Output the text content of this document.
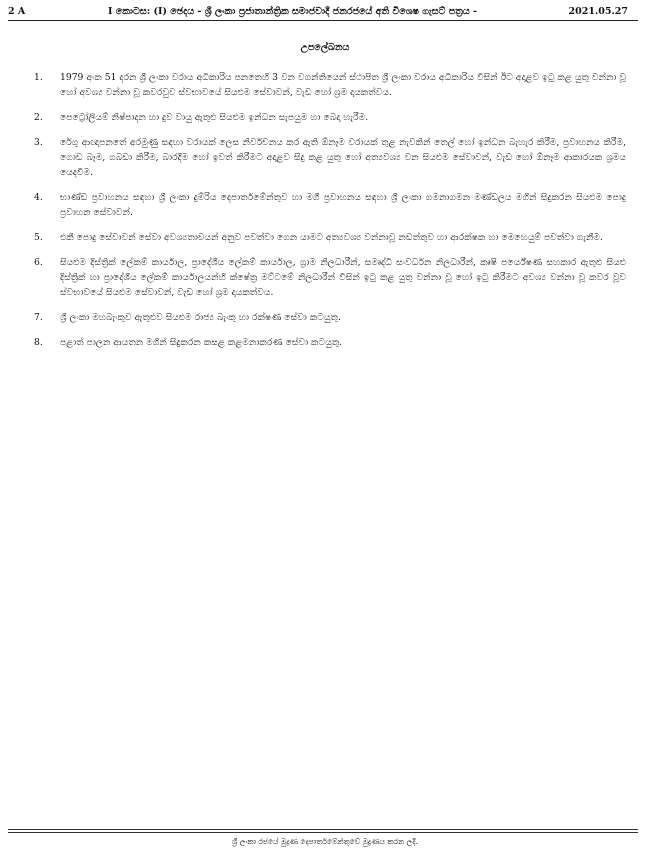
2 A	I කොටස: (I) ඡෙදය - ශ්‍රී ලංකා ප්‍රජාතාන්ත්‍රික සමාජවාදී ජනරජයේ අති විශෙෂ ගැසට් පත්‍රය -	2021.05.27
උපලේඛනය
1. 1979 අංක 51 දරන ශ්‍රී ලංකා වරාය අධිකාරිය පනතෙහි 3 වන වගන්තියෙන් ස්ථාපිත ශ්‍රී ලංකා වරාය අධිකාරිය විසින් ඊට අදාළව ඉටු කළ යුතු වන්නා වූ හෝ අවශ්‍ය වන්නා වූ කවරවුව ස්වභාවයේ සියළුම සේවාවන්, වැඩ හෝ ශ්‍රම දායකත්වය.
2. පෙට්‍රෝලියම් නිෂ්පාදන හා දුව වායු ඇතුළු සියළුම ඉන්ධන සැපයුම හා බෙදා හැරීම.
3. රේගු ආඥාපනතේ අරමුණු සඳහා වරායක් ලෙස නිර්වචනය කර ඇති ඕනෑම වරායක් තුළ නැවකින් තෙල් හෝ ඉන්ධන බැහැර කිරීම, ප්‍රවාහනය කිරීම, ගොඩ බෑම, ගබඩා කිරීම, බාරදීම හෝ ඉවත් කිරීමට අදාළව සිදු කළ යුතු හෝ අත්‍යවශ්‍ය වන සියළුම සේවාවන්, වැඩ හෝ ඕනෑම ආකාරයක ශ්‍රමය යෙදවීම.
4. භාණ්ඩ ප්‍රවාහනය සඳහා ශ්‍රී ලංකා දුම්රිය දෙපාර්තමේන්තුව හා මගී ප්‍රවාහනය සඳහා ශ්‍රී ලංකා ගමනාගමන මණ්ඩලය මගින් සිදුකරන සියළුම පොදු ප්‍රවාහන සේවාවන්.
5. එකී පොදු සේවාවන් සේවා අවශ්‍යතාවයන් අනුව පවත්වා ගෙන යාමට අත්‍යවශ්‍ය වන්නාවූ නඩත්තුව හා ආරක්ෂක හා මෙහෙයුම් පවත්වා ගැනීම.
6. සියළුම දිස්ත්‍රික් ලේකම් කාර්යාල, ප්‍රාදේශීය ලේකම් කාර්යාල, ග්‍රාම නිලධාරීන්, සමෘද්ධි සංවර්ධන නිලධාරීන්, කෘෂි පර්යේෂණ සහකාර ඇතුළු සියළු දිස්ත්‍රික් හා ප්‍රාදේශීය ලේකම් කාර්යාලයන්හි ක්ෂේත්‍ර මට්ටමේ නිලධාරීන් විසින් ඉටු කළ යුතු වන්නා වූ හෝ ඉටු කිරීමට අවශ්‍ය වන්නා වූ කවර වූව ස්වභාවයේ සියළුම සේවාවන්, වැඩ හෝ ශ්‍රම දායකත්වය.
7. ශ්‍රී ලංකා මහබැංකුව ඇතුළුව සියළුම රාජ්‍ය බැංකු හා රක්ෂණ සේවා කටයුතු.
8. පළාත් පාලන ආයතන මගින් සිදුකරන කසළ කළමනාකරණ සේවා කටයුතු.
ශ්‍රී ලංකා රජයේ මුද්‍රණ දෙපාර්තමේන්තුවේ මුද්‍රණය කරන ලදී.
